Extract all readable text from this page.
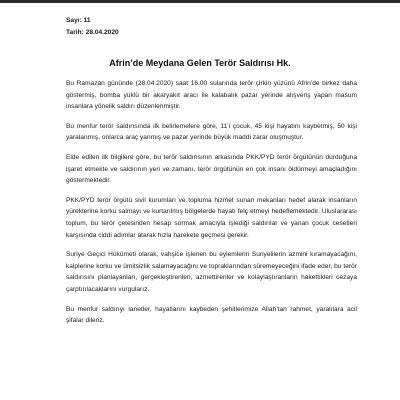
Sayı: 11
Tarih: 28.04.2020
Afrin’de Meydana Gelen Terör Saldırısı Hk.

Bu Ramazan gününde (28.04.2020) saat 16.00 sularında terör çirkin yüzünü Afrin’de birkez daha göstermiş, bomba yüklü bir akaryakıt aracı ile kalabalık pazar yerinde alışveriş yapan masum insanlara yönelik saldırı düzenlenmiştir.

Bu menfur terör saldırısında ilk belirlemelere göre, 11’i çocuk, 45 kişi hayatını kaybetmiş, 50 kişi yaralanmış, onlarca araç yanmış ve pazar yerinde büyük maddi zarar oluşmuştur.

Elde edilen ilk bilgilere göre, bu terör saldırısının arkasında PKK/PYD terör örgütünün durduğuna işaret etmekte ve saldırının yeri ve zamanı, terör örgütünün en çok insanı öldürmeyi amaçladığını göstermektedir.

PKK/PYD terör örgütü sivil kurumları ve topluma hizmet sunan mekanları hedef alarak insanların yüreklerine korku salmayı ve kurtarılmış bölgelerde hayatı felç etmeyi hedeflemektedir. Uluslararası toplum, bu terör çetesinden hesap sormak amacıyla işlediği saldırılar ve yanan çocuk cesetleri karşısında ciddi adımlar atarak hızla harekete geçmesi gerekir.

Suriye Geçici Hükümeti olarak, vahşice işlenen bu eylemlerin Suriyelilerin azmini kıramayacağını, kalplerine korku ve ümitsizlik salamayacağını ve topraklarından süremeyeceğini ifade eder, bu terör saldırısını planlayanları, gerçekleştirenleri, azmettirenler ve kolaylaştıranların hakettikleri cezaya çarptırılacaklarını vurgularız.

Bu menfur saldırıyı lanetler, hayatlarını kaybeden şehitlerimize Allah’tan rahmet, yaralılara acil şifalar dileriz.
